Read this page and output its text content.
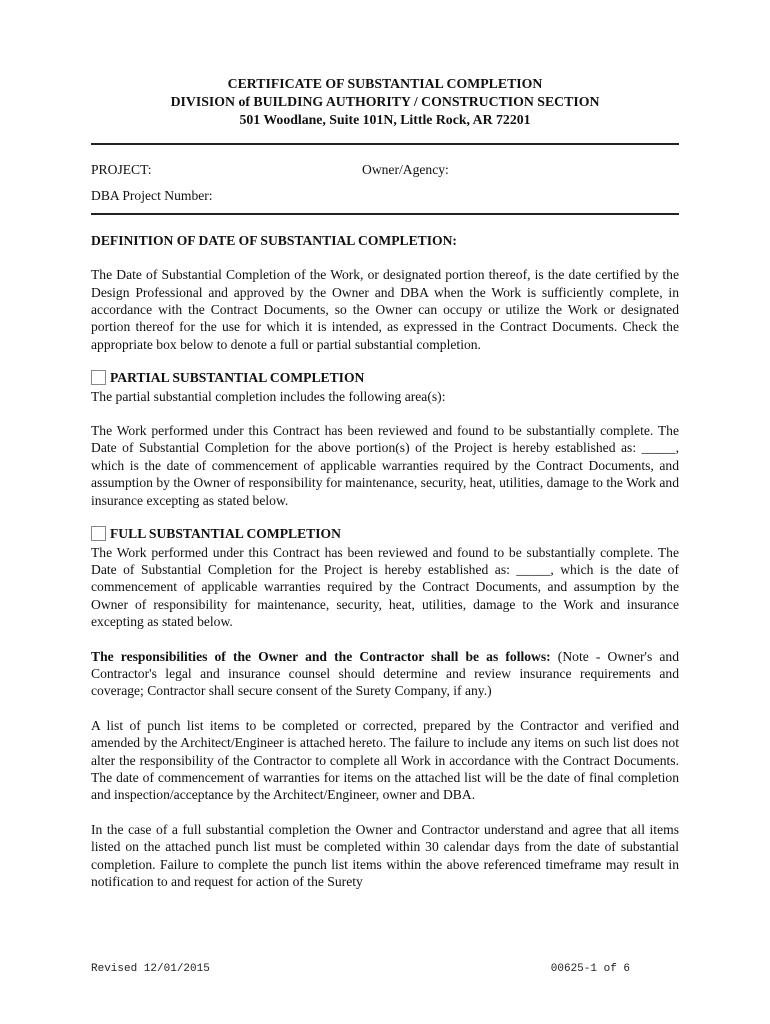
CERTIFICATE OF SUBSTANTIAL COMPLETION
DIVISION of BUILDING AUTHORITY / CONSTRUCTION SECTION
501 Woodlane, Suite 101N, Little Rock, AR 72201
PROJECT:	Owner/Agency:
DBA Project Number:
DEFINITION OF DATE OF SUBSTANTIAL COMPLETION:

The Date of Substantial Completion of the Work, or designated portion thereof, is the date certified by the Design Professional and approved by the Owner and DBA when the Work is sufficiently complete, in accordance with the Contract Documents, so the Owner can occupy or utilize the Work or designated portion thereof for the use for which it is intended, as expressed in the Contract Documents. Check the appropriate box below to denote a full or partial substantial completion.

PARTIAL SUBSTANTIAL COMPLETION

The partial substantial completion includes the following area(s):

The Work performed under this Contract has been reviewed and found to be substantially complete. The Date of Substantial Completion for the above portion(s) of the Project is hereby established as: _____, which is the date of commencement of applicable warranties required by the Contract Documents, and assumption by the Owner of responsibility for maintenance, security, heat, utilities, damage to the Work and insurance excepting as stated below.

FULL SUBSTANTIAL COMPLETION

The Work performed under this Contract has been reviewed and found to be substantially complete. The Date of Substantial Completion for the Project is hereby established as: _____, which is the date of commencement of applicable warranties required by the Contract Documents, and assumption by the Owner of responsibility for maintenance, security, heat, utilities, damage to the Work and insurance excepting as stated below.

The responsibilities of the Owner and the Contractor shall be as follows: (Note - Owner's and Contractor's legal and insurance counsel should determine and review insurance requirements and coverage; Contractor shall secure consent of the Surety Company, if any.)

A list of punch list items to be completed or corrected, prepared by the Contractor and verified and amended by the Architect/Engineer is attached hereto. The failure to include any items on such list does not alter the responsibility of the Contractor to complete all Work in accordance with the Contract Documents. The date of commencement of warranties for items on the attached list will be the date of final completion and inspection/acceptance by the Architect/Engineer, owner and DBA.

In the case of a full substantial completion the Owner and Contractor understand and agree that all items listed on the attached punch list must be completed within 30 calendar days from the date of substantial completion. Failure to complete the punch list items within the above referenced timeframe may result in notification to and request for action of the Surety

Revised 12/01/2015	00625-1 of 6
